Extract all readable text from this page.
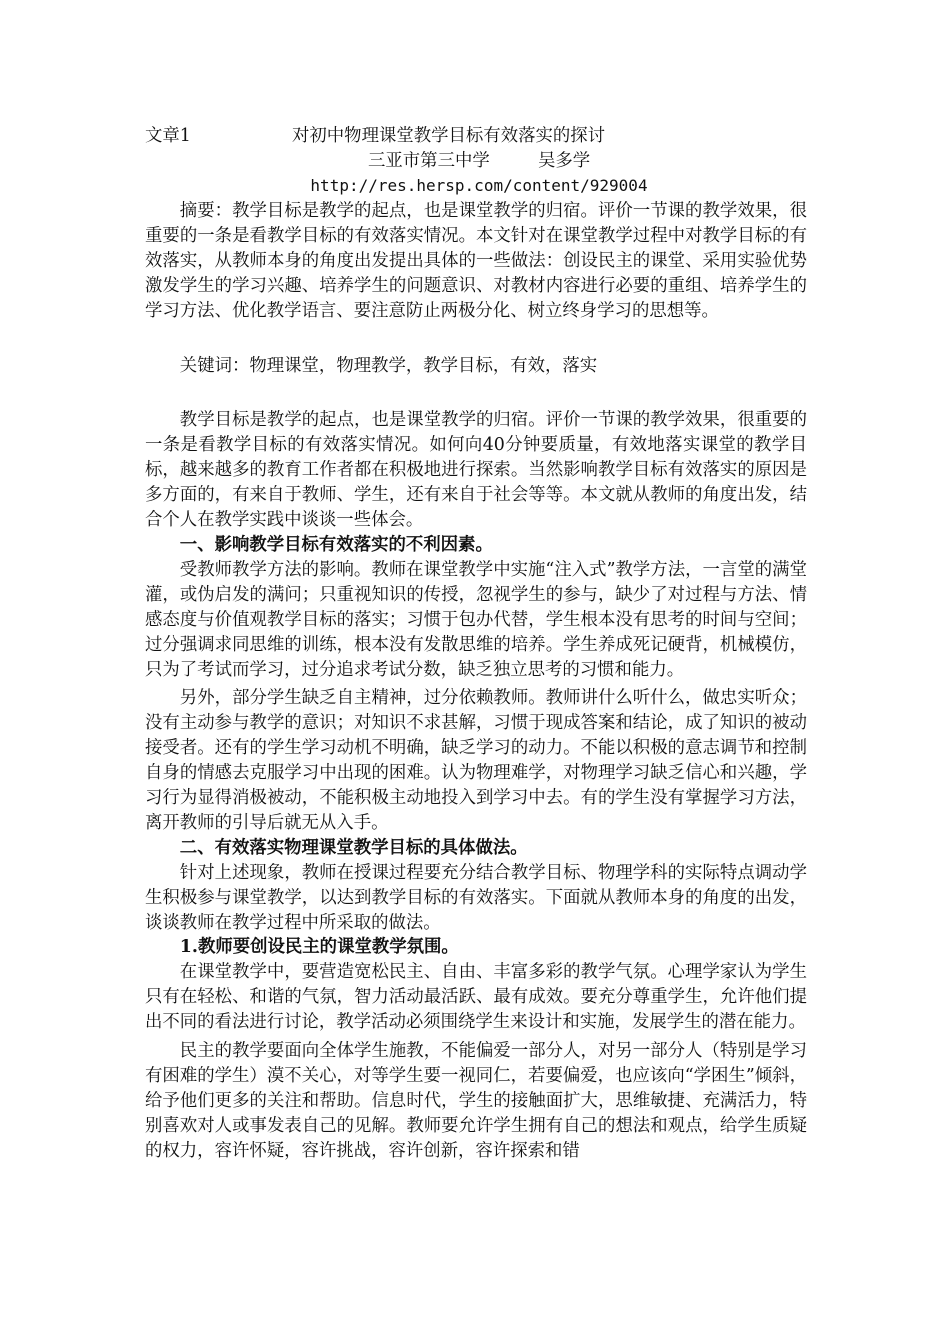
文章1	对初中物理课堂教学目标有效落实的探讨
三亚市第三中学	吴多学
http://res.hersp.com/content/929004

摘要：教学目标是教学的起点，也是课堂教学的归宿。评价一节课的教学效果，很重要的一条是看教学目标的有效落实情况。本文针对在课堂教学过程中对教学目标的有效落实，从教师本身的角度出发提出具体的一些做法：创设民主的课堂、采用实验优势激发学生的学习兴趣、培养学生的问题意识、对教材内容进行必要的重组、培养学生的学习方法、优化教学语言、要注意防止两极分化、树立终身学习的思想等。

关键词：物理课堂，物理教学，教学目标，有效，落实

教学目标是教学的起点，也是课堂教学的归宿。评价一节课的教学效果，很重要的一条是看教学目标的有效落实情况。如何向40分钟要质量，有效地落实课堂的教学目标，越来越多的教育工作者都在积极地进行探索。当然影响教学目标有效落实的原因是多方面的，有来自于教师、学生，还有来自于社会等等。本文就从教师的角度出发，结合个人在教学实践中谈谈一些体会。

一、影响教学目标有效落实的不利因素。

受教师教学方法的影响。教师在课堂教学中实施“注入式”教学方法，一言堂的满堂灌，或伪启发的满问；只重视知识的传授，忽视学生的参与，缺少了对过程与方法、情感态度与价值观教学目标的落实；习惯于包办代替，学生根本没有思考的时间与空间；过分强调求同思维的训练，根本没有发散思维的培养。学生养成死记硬背，机械模仿，只为了考试而学习，过分追求考试分数，缺乏独立思考的习惯和能力。

另外，部分学生缺乏自主精神，过分依赖教师。教师讲什么听什么，做忠实听众；没有主动参与教学的意识；对知识不求甚解，习惯于现成答案和结论，成了知识的被动接受者。还有的学生学习动机不明确，缺乏学习的动力。不能以积极的意志调节和控制自身的情感去克服学习中出现的困难。认为物理难学，对物理学习缺乏信心和兴趣，学习行为显得消极被动，不能积极主动地投入到学习中去。有的学生没有掌握学习方法，离开教师的引导后就无从入手。

二、有效落实物理课堂教学目标的具体做法。

针对上述现象，教师在授课过程要充分结合教学目标、物理学科的实际特点调动学生积极参与课堂教学，以达到教学目标的有效落实。下面就从教师本身的角度的出发，谈谈教师在教学过程中所采取的做法。

1.教师要创设民主的课堂教学氛围。

在课堂教学中，要营造宽松民主、自由、丰富多彩的教学气氛。心理学家认为学生只有在轻松、和谐的气氛，智力活动最活跃、最有成效。要充分尊重学生，允许他们提出不同的看法进行讨论，教学活动必须围绕学生来设计和实施，发展学生的潜在能力。

民主的教学要面向全体学生施教，不能偏爱一部分人，对另一部分人（特别是学习有困难的学生）漠不关心，对等学生要一视同仁，若要偏爱，也应该向“学困生”倾斜，给予他们更多的关注和帮助。信息时代，学生的接触面扩大，思维敏捷、充满活力，特别喜欢对人或事发表自己的见解。教师要允许学生拥有自己的想法和观点，给学生质疑的权力，容许怀疑，容许挑战，容许创新，容许探索和错
